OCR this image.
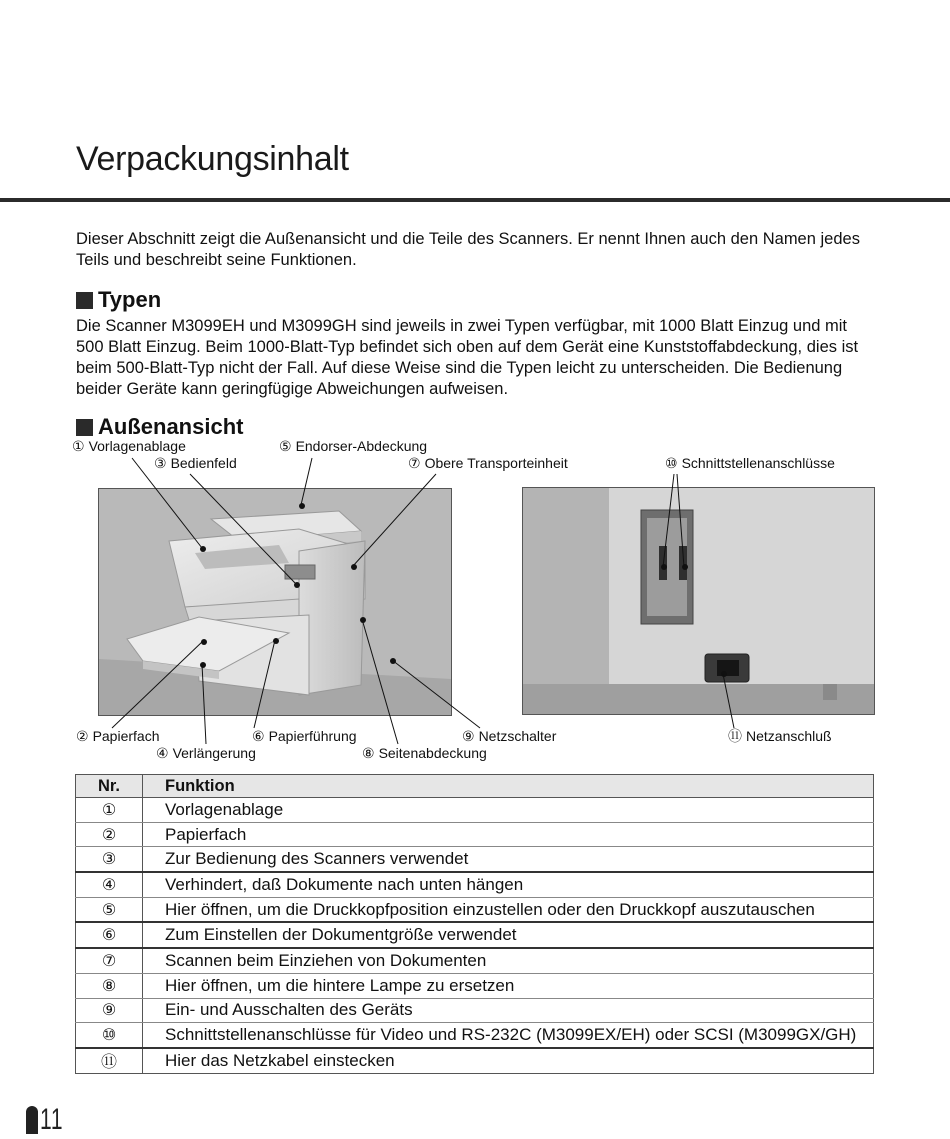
Verpackungsinhalt

Dieser Abschnitt zeigt die Außenansicht und die Teile des Scanners. Er nennt Ihnen auch den Namen jedes Teils und beschreibt seine Funktionen.

Typen

Die Scanner M3099EH und M3099GH sind jeweils in zwei Typen verfügbar, mit 1000 Blatt Einzug und mit 500 Blatt Einzug. Beim 1000-Blatt-Typ befindet sich oben auf dem Gerät eine Kunststoffabdeckung, dies ist beim 500-Blatt-Typ nicht der Fall. Auf diese Weise sind die Typen leicht zu unterscheiden. Die Bedienung beider Geräte kann geringfügige Abweichungen aufweisen.

Außenansicht
① Vorlagenablage
③ Bedienfeld
⑤ Endorser-Abdeckung
⑦ Obere Transporteinheit	⑩ Schnittstellenanschlüsse
② Papierfach
④ Verlängerung
⑥ Papierführung
⑧ Seitenabdeckung
⑨ Netzschalter	⑪ Netzanschluß
Nr.	Funktion
①	Vorlagenablage
②	Papierfach
③	Zur Bedienung des Scanners verwendet
④	Verhindert, daß Dokumente nach unten hängen
⑤	Hier öffnen, um die Druckkopfposition einzustellen oder den Druckkopf auszutauschen
⑥	Zum Einstellen der Dokumentgröße verwendet
⑦	Scannen beim Einziehen von Dokumenten
⑧	Hier öffnen, um die hintere Lampe zu ersetzen
⑨	Ein- und Ausschalten des Geräts
⑩	Schnittstellenanschlüsse für Video und RS-232C (M3099EX/EH) oder SCSI (M3099GX/GH)
⑪	Hier das Netzkabel einstecken
11
